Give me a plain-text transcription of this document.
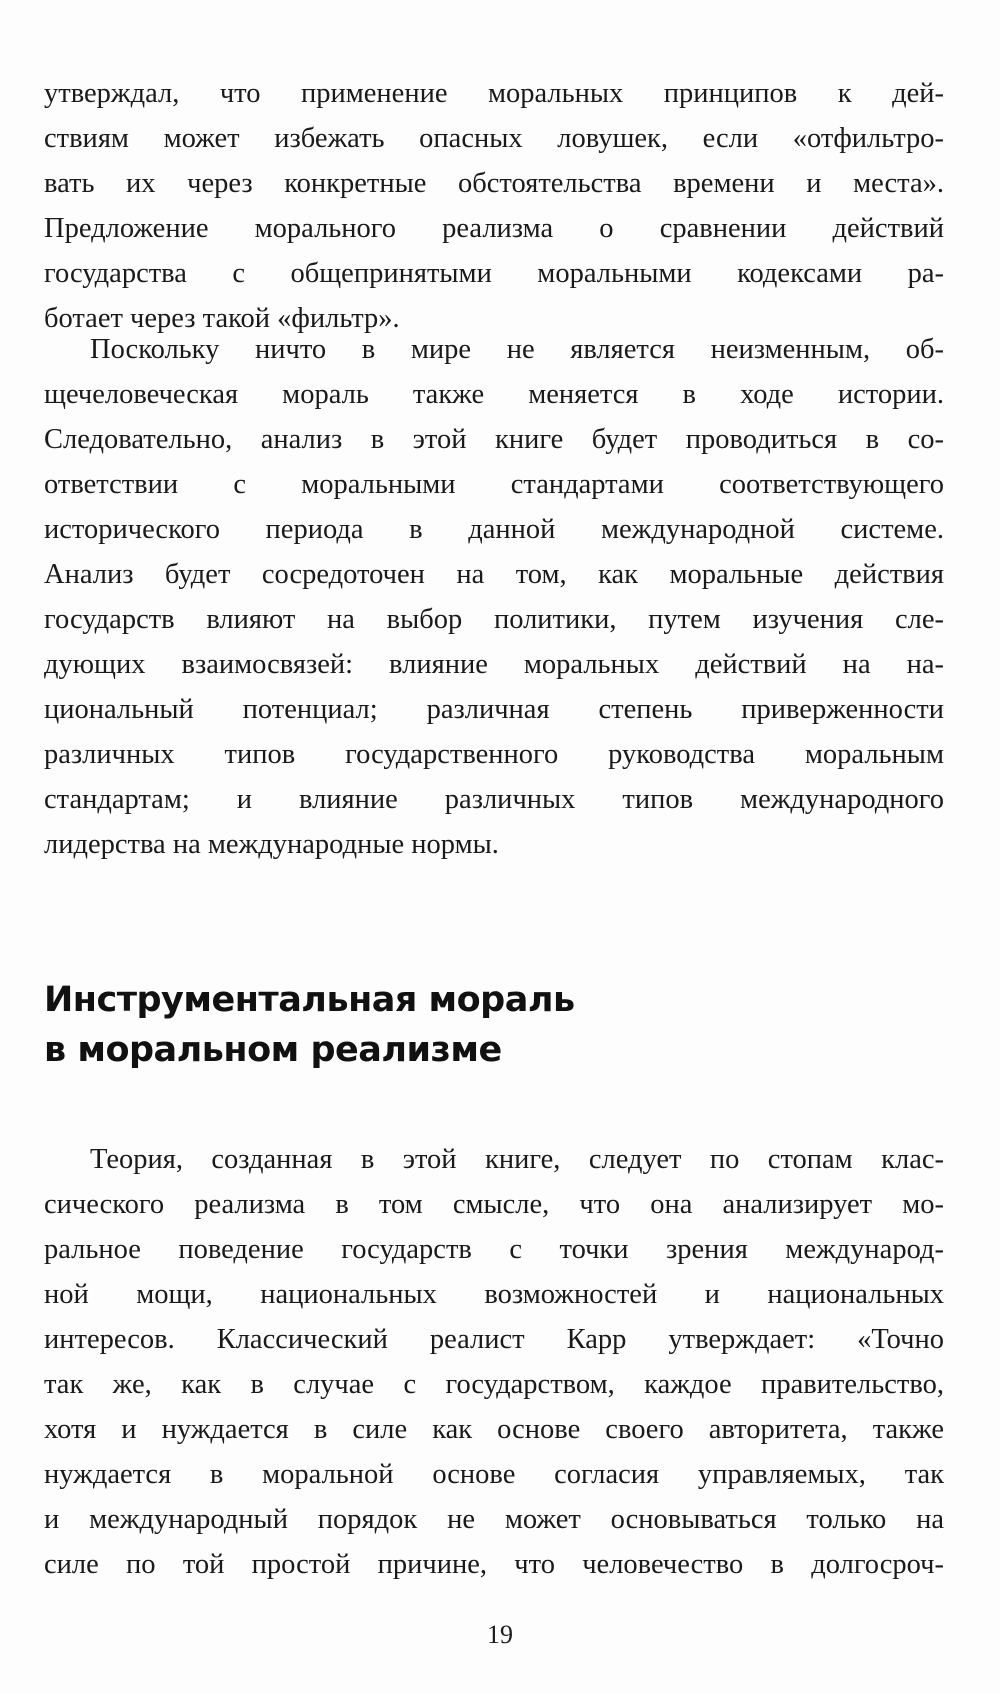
утверждал, что применение моральных принципов к дей-
ствиям может избежать опасных ловушек, если «отфильтро-
вать их через конкретные обстоятельства времени и места».
Предложение морального реализма о сравнении действий
государства с общепринятыми моральными кодексами ра-
ботает через такой «фильтр».
Поскольку ничто в мире не является неизменным, об-
щечеловеческая мораль также меняется в ходе истории.
Следовательно, анализ в этой книге будет проводиться в со-
ответствии с моральными стандартами соответствующего
исторического периода в данной международной системе.
Анализ будет сосредоточен на том, как моральные действия
государств влияют на выбор политики, путем изучения сле-
дующих взаимосвязей: влияние моральных действий на на-
циональный потенциал; различная степень приверженности
различных типов государственного руководства моральным
стандартам; и влияние различных типов международного
лидерства на международные нормы.
Инструментальная мораль
в моральном реализме
Теория, созданная в этой книге, следует по стопам клас-
сического реализма в том смысле, что она анализирует мо-
ральное поведение государств с точки зрения международ-
ной мощи, национальных возможностей и национальных
интересов. Классический реалист Карр утверждает: «Точно
так же, как в случае с государством, каждое правительство,
хотя и нуждается в силе как основе своего авторитета, также
нуждается в моральной основе согласия управляемых, так
и международный порядок не может основываться только на
силе по той простой причине, что человечество в долгосроч-
19
